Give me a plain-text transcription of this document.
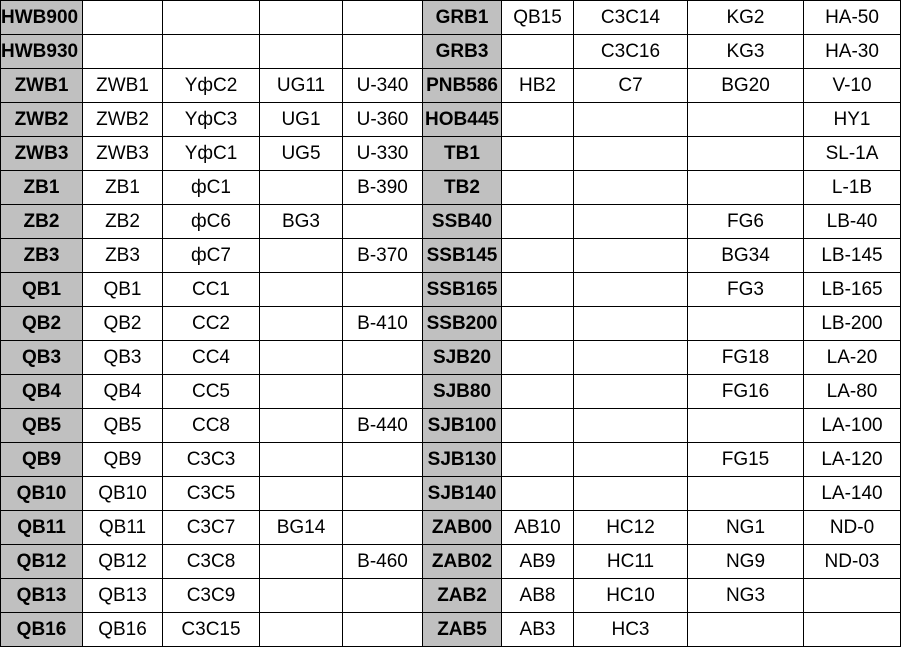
HWB900					GRB1	QB15	C3C14	KG2	HA-50
HWB930					GRB3		C3C16	KG3	HA-30
ZWB1	ZWB1	YфC2	UG11	U-340	PNB586	HB2	C7	BG20	V-10
ZWB2	ZWB2	YфC3	UG1	U-360	HOB445				HY1
ZWB3	ZWB3	YфC1	UG5	U-330	TB1				SL-1A
ZB1	ZB1	фC1		B-390	TB2				L-1B
ZB2	ZB2	фC6	BG3		SSB40			FG6	LB-40
ZB3	ZB3	фC7		B-370	SSB145			BG34	LB-145
QB1	QB1	CC1			SSB165			FG3	LB-165
QB2	QB2	CC2		B-410	SSB200				LB-200
QB3	QB3	CC4			SJB20			FG18	LA-20
QB4	QB4	CC5			SJB80			FG16	LA-80
QB5	QB5	CC8		B-440	SJB100				LA-100
QB9	QB9	C3C3			SJB130			FG15	LA-120
QB10	QB10	C3C5			SJB140				LA-140
QB11	QB11	C3C7	BG14		ZAB00	AB10	HC12	NG1	ND-0
QB12	QB12	C3C8		B-460	ZAB02	AB9	HC11	NG9	ND-03
QB13	QB13	C3C9			ZAB2	AB8	HC10	NG3	
QB16	QB16	C3C15			ZAB5	AB3	HC3		
